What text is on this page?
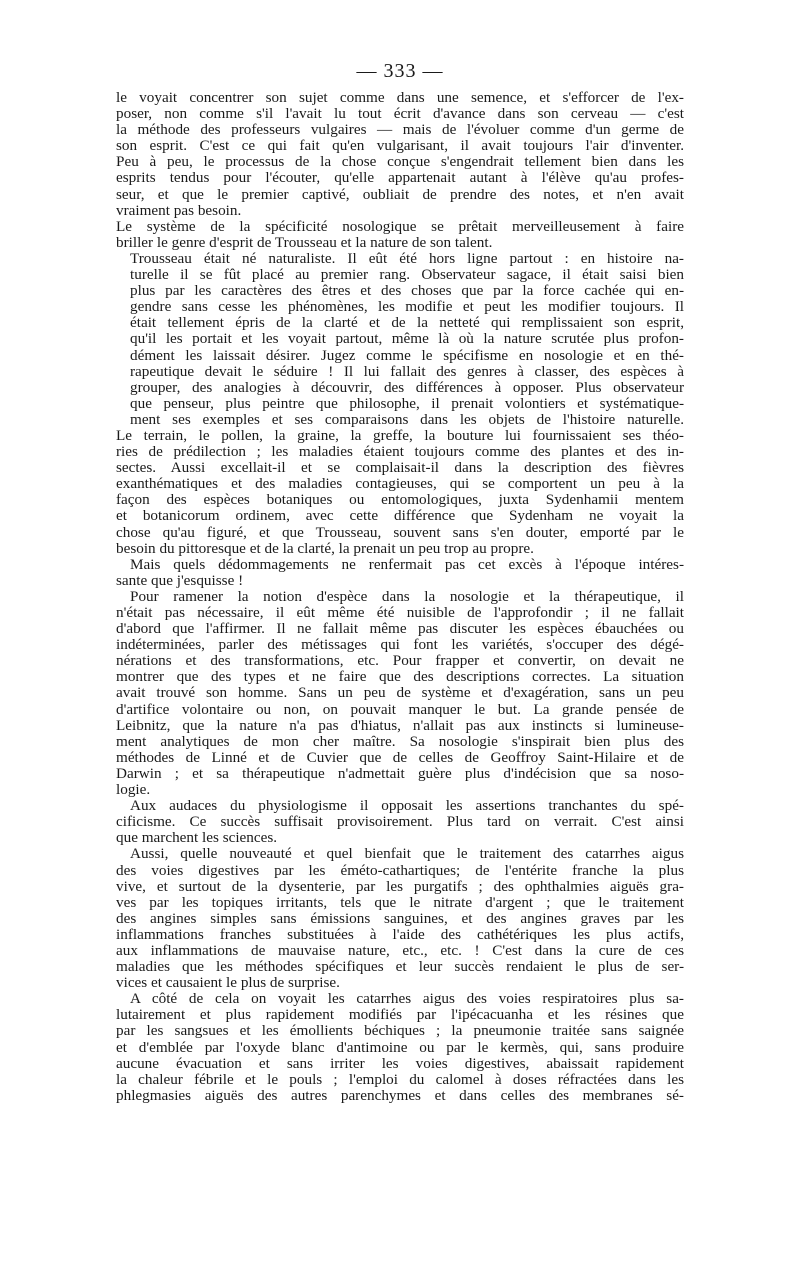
— 333 —
le voyait concentrer son sujet comme dans une semence, et s'efforcer de l'ex-
poser, non comme s'il l'avait lu tout écrit d'avance dans son cerveau — c'est
la méthode des professeurs vulgaires — mais de l'évoluer comme d'un germe de
son esprit. C'est ce qui fait qu'en vulgarisant, il avait toujours l'air d'inventer.
Peu à peu, le processus de la chose conçue s'engendrait tellement bien dans les
esprits tendus pour l'écouter, qu'elle appartenait autant à l'élève qu'au profes-
seur, et que le premier captivé, oubliait de prendre des notes, et n'en avait
vraiment pas besoin.
Le système de la spécificité nosologique se prêtait merveilleusement à faire
briller le genre d'esprit de Trousseau et la nature de son talent.
Trousseau était né naturaliste. Il eût été hors ligne partout : en histoire na-
turelle il se fût placé au premier rang. Observateur sagace, il était saisi bien
plus par les caractères des êtres et des choses que par la force cachée qui en-
gendre sans cesse les phénomènes, les modifie et peut les modifier toujours. Il
était tellement épris de la clarté et de la netteté qui remplissaient son esprit,
qu'il les portait et les voyait partout, même là où la nature scrutée plus profon-
dément les laissait désirer. Jugez comme le spécifisme en nosologie et en thé-
rapeutique devait le séduire ! Il lui fallait des genres à classer, des espèces à
grouper, des analogies à découvrir, des différences à opposer. Plus observateur
que penseur, plus peintre que philosophe, il prenait volontiers et systématique-
ment ses exemples et ses comparaisons dans les objets de l'histoire naturelle.
Le terrain, le pollen, la graine, la greffe, la bouture lui fournissaient ses théo-
ries de prédilection ; les maladies étaient toujours comme des plantes et des in-
sectes. Aussi excellait-il et se complaisait-il dans la description des fièvres
exanthématiques et des maladies contagieuses, qui se comportent un peu à la
façon des espèces botaniques ou entomologiques, juxta Sydenhamii mentem
et botanicorum ordinem, avec cette différence que Sydenham ne voyait la
chose qu'au figuré, et que Trousseau, souvent sans s'en douter, emporté par le
besoin du pittoresque et de la clarté, la prenait un peu trop au propre.
Mais quels dédommagements ne renfermait pas cet excès à l'époque intéres-
sante que j'esquisse !
Pour ramener la notion d'espèce dans la nosologie et la thérapeutique, il
n'était pas nécessaire, il eût même été nuisible de l'approfondir ; il ne fallait
d'abord que l'affirmer. Il ne fallait même pas discuter les espèces ébauchées ou
indéterminées, parler des métissages qui font les variétés, s'occuper des dégé-
nérations et des transformations, etc. Pour frapper et convertir, on devait ne
montrer que des types et ne faire que des descriptions correctes. La situation
avait trouvé son homme. Sans un peu de système et d'exagération, sans un peu
d'artifice volontaire ou non, on pouvait manquer le but. La grande pensée de
Leibnitz, que la nature n'a pas d'hiatus, n'allait pas aux instincts si lumineuse-
ment analytiques de mon cher maître. Sa nosologie s'inspirait bien plus des
méthodes de Linné et de Cuvier que de celles de Geoffroy Saint-Hilaire et de
Darwin ; et sa thérapeutique n'admettait guère plus d'indécision que sa noso-
logie.
Aux audaces du physiologisme il opposait les assertions tranchantes du spé-
cificisme. Ce succès suffisait provisoirement. Plus tard on verrait. C'est ainsi
que marchent les sciences.
Aussi, quelle nouveauté et quel bienfait que le traitement des catarrhes aigus
des voies digestives par les éméto-cathartiques; de l'entérite franche la plus
vive, et surtout de la dysenterie, par les purgatifs ; des ophthalmies aiguës gra-
ves par les topiques irritants, tels que le nitrate d'argent ; que le traitement
des angines simples sans émissions sanguines, et des angines graves par les
inflammations franches substituées à l'aide des cathétériques les plus actifs,
aux inflammations de mauvaise nature, etc., etc. ! C'est dans la cure de ces
maladies que les méthodes spécifiques et leur succès rendaient le plus de ser-
vices et causaient le plus de surprise.
A côté de cela on voyait les catarrhes aigus des voies respiratoires plus sa-
lutairement et plus rapidement modifiés par l'ipécacuanha et les résines que
par les sangsues et les émollients béchiques ; la pneumonie traitée sans saignée
et d'emblée par l'oxyde blanc d'antimoine ou par le kermès, qui, sans produire
aucune évacuation et sans irriter les voies digestives, abaissait rapidement
la chaleur fébrile et le pouls ; l'emploi du calomel à doses réfractées dans les
phlegmasies aiguës des autres parenchymes et dans celles des membranes sé-
